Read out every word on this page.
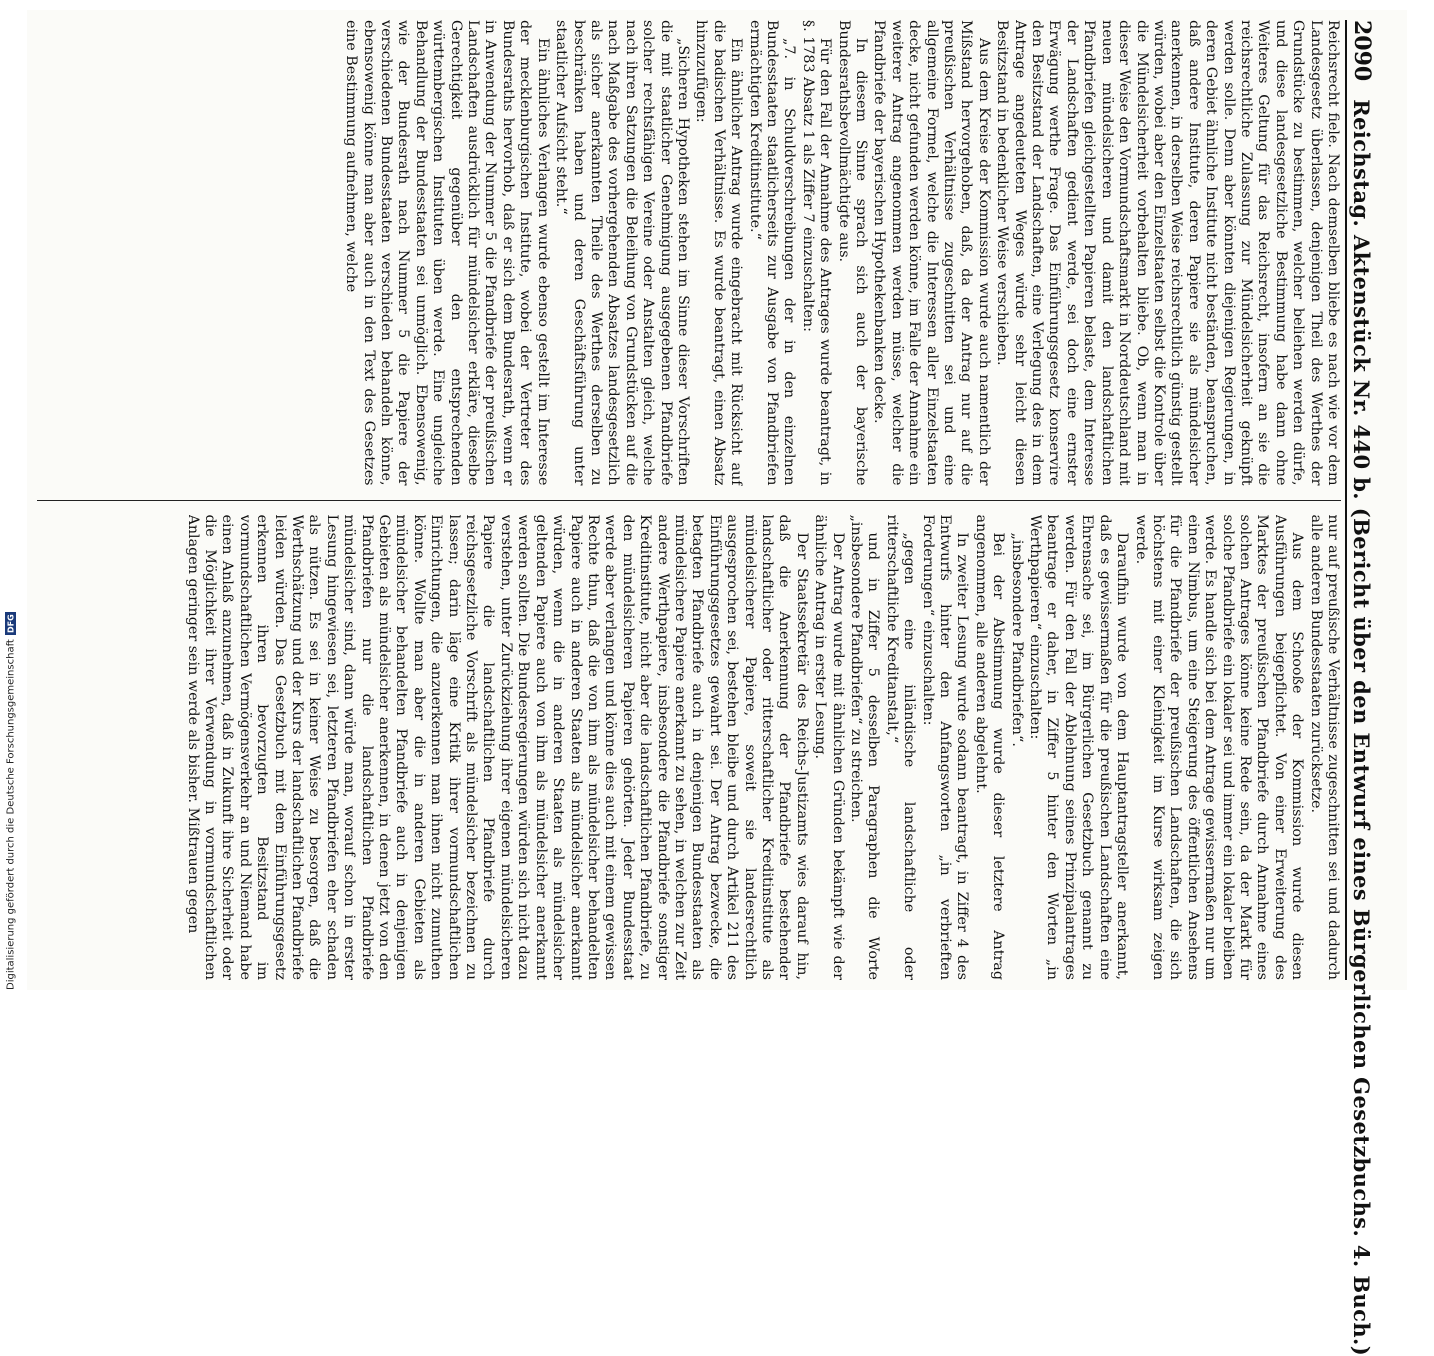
2090
Reichstag. Aktenstück Nr. 440 b. (Bericht über den Entwurf eines Bürgerlichen Gesetzbuchs. 4. Buch.)

Reichsrecht fiele. Nach demselben bliebe es nach wie vor dem Landesgesetz überlassen, denjenigen Theil des Werthes der Grundstücke zu bestimmen, welcher beliehen werden dürfe, und diese landesgesetzliche Bestimmung habe dann ohne Weiteres Geltung für das Reichsrecht, insofern an sie die reichsrechtliche Zulassung zur Mündelsicherheit geknüpft werden solle. Denn aber könnten diejenigen Regierungen, in deren Gebiet ähnliche Institute nicht beständen, beanspruchen, daß andere Institute, deren Papiere sie als mündelsicher anerkennen, in derselben Weise reichsrechtlich günstig gestellt würden, wobei aber den Einzelstaaten selbst die Kontrole über die Mündelsicherheit vorbehalten bliebe. Ob, wenn man in dieser Weise den Vormundschaftsmarkt in Norddeutschland mit neuen mündelsicheren und damit den landschaftlichen Pfandbriefen gleichgestellten Papieren belaste, dem Interesse der Landschaften gedient werde, sei doch eine ernster Erwägung werthe Frage. Das Einführungsgesetz konservire den Besitzstand der Landschaften, eine Verlegung des in dem Antrage angedeuteten Weges würde sehr leicht diesen Besitzstand in bedenklicher Weise verschieben.

Aus dem Kreise der Kommission wurde auch namentlich der Mißstand hervorgehoben, daß, da der Antrag nur auf die preußischen Verhältnisse zugeschnitten sei und eine allgemeine Formel, welche die Interessen aller Einzelstaaten decke, nicht gefunden werden könne, im Falle der Annahme ein weiterer Antrag angenommen werden müsse, welcher die Pfandbriefe der bayerischen Hypothekenbanken decke.

In diesem Sinne sprach sich auch der bayerische Bundesrathsbevollmächtigte aus.

Für den Fall der Annahme des Antrages wurde beantragt, in §. 1783 Absatz 1 als Ziffer 7 einzuschalten:

„7. in Schuldverschreibungen der in den einzelnen Bundesstaaten staatlicherseits zur Ausgabe von Pfandbriefen ermächtigten Kreditinstitute.“

Ein ähnlicher Antrag wurde eingebracht mit Rücksicht auf die badischen Verhältnisse. Es wurde beantragt, einen Absatz hinzuzufügen:

„Sicheren Hypotheken stehen im Sinne dieser Vorschriften die mit staatlicher Genehmigung ausgegebenen Pfandbriefe solcher rechtsfähigen Vereine oder Anstalten gleich, welche nach ihren Satzungen die Beleihung von Grundstücken auf die nach Maßgabe des vorhergehenden Absatzes landesgesetzlich als sicher anerkannten Theile des Werthes derselben zu beschränken haben und deren Geschäftsführung unter staatlicher Aufsicht steht.“

Ein ähnliches Verlangen wurde ebenso gestellt im Interesse der mecklenburgischen Institute, wobei der Vertreter des Bundesraths hervorhob, daß er sich dem Bundesrath, wenn er in Anwendung der Nummer 5 die Pfandbriefe der preußischen Landschaften ausdrücklich für mündelsicher erkläre, dieselbe Gerechtigkeit gegenüber den entsprechenden württembergischen Instituten üben werde. Eine ungleiche Behandlung der Bundesstaaten sei unmöglich. Ebensowenig, wie der Bundesrath nach Nummer 5 die Papiere der verschiedenen Bundesstaaten verschieden behandeln könne, ebensowenig könne man aber auch in den Text des Gesetzes eine Bestimmung aufnehmen, welche

nur auf preußische Verhältnisse zugeschnitten sei und dadurch alle anderen Bundesstaaten zurücksetze.

Aus dem Schooße der Kommission wurde diesen Ausführungen beigepflichtet. Von einer Erweiterung des Marktes der preußischen Pfandbriefe durch Annahme eines solchen Antrages könne keine Rede sein, da der Markt für solche Pfandbriefe ein lokaler sei und immer ein lokaler bleiben werde. Es handle sich bei dem Antrage gewissermaßen nur um einen Nimbus, um eine Steigerung des öffentlichen Ansehens für die Pfandbriefe der preußischen Landschaften, die sich höchstens mit einer Kleinigkeit im Kurse wirksam zeigen werde.

Daraufhin wurde von dem Hauptantragsteller anerkannt, daß es gewissermaßen für die preußischen Landschaften eine Ehrensache sei, im Bürgerlichen Gesetzbuch genannt zu werden. Für den Fall der Ablehnung seines Prinzipalantrages beantrage er daher, in Ziffer 5 hinter den Worten „in Werthpapieren“ einzuschalten:

„insbesondere Pfandbriefen“.

Bei der Abstimmung wurde dieser letztere Antrag angenommen, alle anderen abgelehnt.

In zweiter Lesung wurde sodann beantragt, in Ziffer 4 des Entwurfs hinter den Anfangsworten „in verbrieften Forderungen“ einzuschalten:

„gegen eine inländische landschaftliche oder ritterschaftliche Kreditanstalt,“

und in Ziffer 5 desselben Paragraphen die Worte „insbesondere Pfandbriefen“ zu streichen.

Der Antrag wurde mit ähnlichen Gründen bekämpft wie der ähnliche Antrag in erster Lesung.

Der Staatssekretär des Reichs-Justizamts wies darauf hin, daß die Anerkennung der Pfandbriefe bestehender landschaftlicher oder ritterschaftlicher Kreditinstitute als mündelsicherer Papiere, soweit sie landesrechtlich ausgesprochen sei, bestehen bleibe und durch Artikel 211 des Einführungsgesetzes gewahrt sei. Der Antrag bezwecke, die betagten Pfandbriefe auch in denjenigen Bundesstaaten als mündelsichere Papiere anerkannt zu sehen, in welchen zur Zeit andere Werthpapiere, insbesondere die Pfandbriefe sonstiger Kreditinstitute, nicht aber die landschaftlichen Pfandbriefe, zu den mündelsicheren Papieren gehörten. Jeder Bundesstaat werde aber verlangen und könne dies auch mit einem gewissen Rechte thun, daß die von ihm als mündelsicher behandelten Papiere auch in anderen Staaten als mündelsicher anerkannt würden, wenn die in anderen Staaten als mündelsicher geltenden Papiere auch von ihm als mündelsicher anerkannt werden sollten. Die Bundesregierungen würden sich nicht dazu verstehen, unter Zurückziehung ihrer eigenen mündelsicheren Papiere die landschaftlichen Pfandbriefe durch reichsgesetzliche Vorschrift als mündelsicher bezeichnen zu lassen; darin läge eine Kritik ihrer vormundschaftlichen Einrichtungen, die anzuerkennen man ihnen nicht zumuthen könne. Wollte man aber die in anderen Gebieten als mündelsicher behandelten Pfandbriefe auch in denjenigen Gebieten als mündelsicher anerkennen, in denen jetzt von den Pfandbriefen nur die landschaftlichen Pfandbriefe mündelsicher sind, dann würde man, worauf schon in erster Lesung hingewiesen sei, letzteren Pfandbriefen eher schaden als nützen. Es sei in keiner Weise zu besorgen, daß die Werthschätzung und der Kurs der landschaftlichen Pfandbriefe leiden würden. Das Gesetzbuch mit dem Einführungsgesetz erkennen ihren bevorzugten Besitzstand im vormundschaftlichen Vermögensverkehr an und Niemand habe einen Anlaß anzunehmen, daß in Zukunft ihre Sicherheit oder die Möglichkeit ihrer Verwendung in vormundschaftlichen Anlagen geringer sein werde als bisher. Mißtrauen gegen

Digitalisierung gefördert durch die Deutsche Forschungsgemeinschaft
DFG
